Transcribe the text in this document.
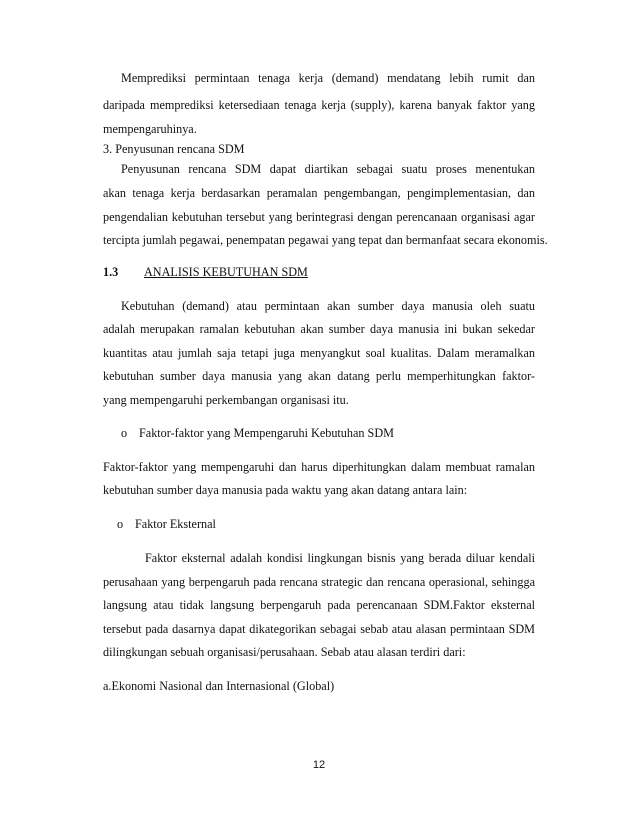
Memprediksi permintaan tenaga kerja (demand) mendatang lebih rumit dan
daripada memprediksi ketersediaan tenaga kerja (supply), karena banyak faktor yang
mempengaruhinya.
3. Penyusunan rencana SDM
Penyusunan rencana SDM dapat diartikan sebagai suatu proses menentukan
akan tenaga kerja berdasarkan peramalan pengembangan, pengimplementasian, dan
pengendalian kebutuhan tersebut yang berintegrasi dengan perencanaan organisasi agar
tercipta jumlah pegawai, penempatan pegawai yang tepat dan bermanfaat secara ekonomis.
1.3 ANALISIS KEBUTUHAN SDM
Kebutuhan (demand) atau permintaan akan sumber daya manusia oleh suatu
adalah merupakan ramalan kebutuhan akan sumber daya manusia ini bukan sekedar
kuantitas atau jumlah saja tetapi juga menyangkut soal kualitas. Dalam meramalkan
kebutuhan sumber daya manusia yang akan datang perlu memperhitungkan faktor-
yang mempengaruhi perkembangan organisasi itu.
o Faktor-faktor yang Mempengaruhi Kebutuhan SDM
Faktor-faktor yang mempengaruhi dan harus diperhitungkan dalam membuat ramalan
kebutuhan sumber daya manusia pada waktu yang akan datang antara lain:
o Faktor Eksternal
Faktor eksternal adalah kondisi lingkungan bisnis yang berada diluar kendali
perusahaan yang berpengaruh pada rencana strategic dan rencana operasional, sehingga
langsung atau tidak langsung berpengaruh pada perencanaan SDM.Faktor eksternal
tersebut pada dasarnya dapat dikategorikan sebagai sebab atau alasan permintaan SDM
dilingkungan sebuah organisasi/perusahaan. Sebab atau alasan terdiri dari:
a.Ekonomi Nasional dan Internasional (Global)
12
